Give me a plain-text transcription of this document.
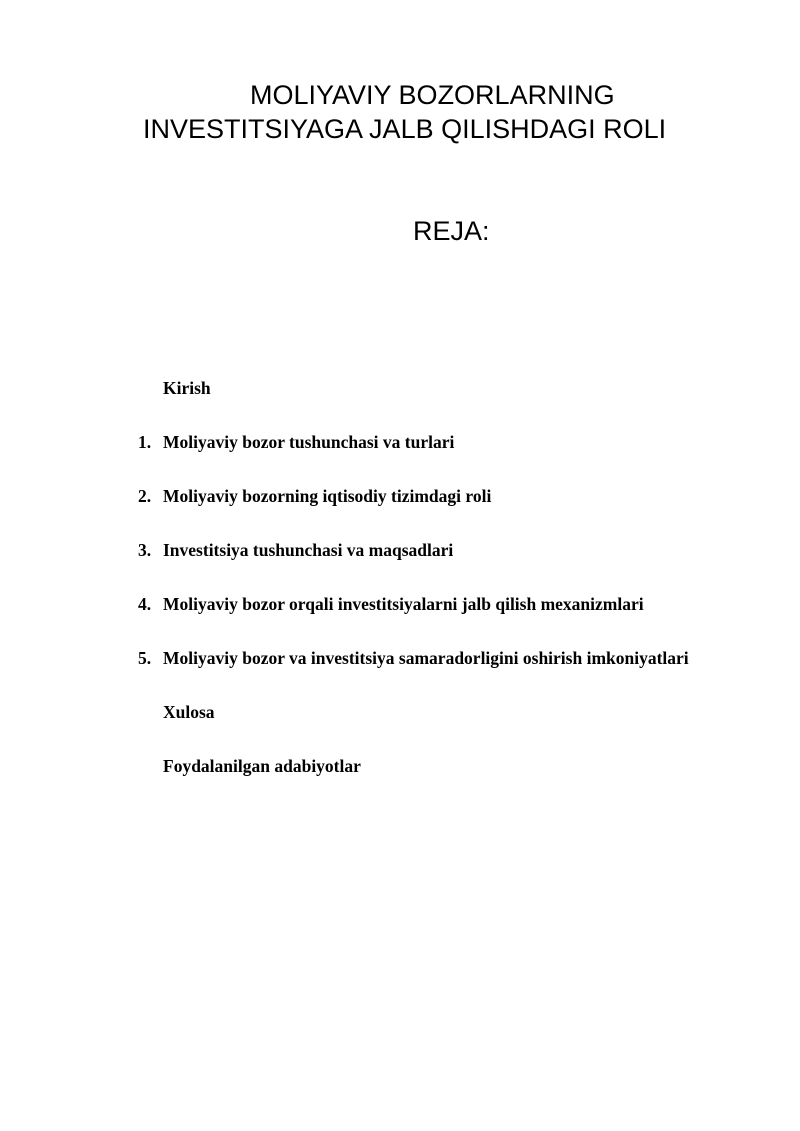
MOLIYAVIY BOZORLARNING
INVESTITSIYAGA JALB QILISHDAGI ROLI
REJA:
Kirish
1. Moliyaviy bozor tushunchasi va turlari
2. Moliyaviy bozorning iqtisodiy tizimdagi roli
3. Investitsiya tushunchasi va maqsadlari
4. Moliyaviy bozor orqali investitsiyalarni jalb qilish mexanizmlari
5. Moliyaviy bozor va investitsiya samaradorligini oshirish imkoniyatlari
Xulosa
Foydalanilgan adabiyotlar
